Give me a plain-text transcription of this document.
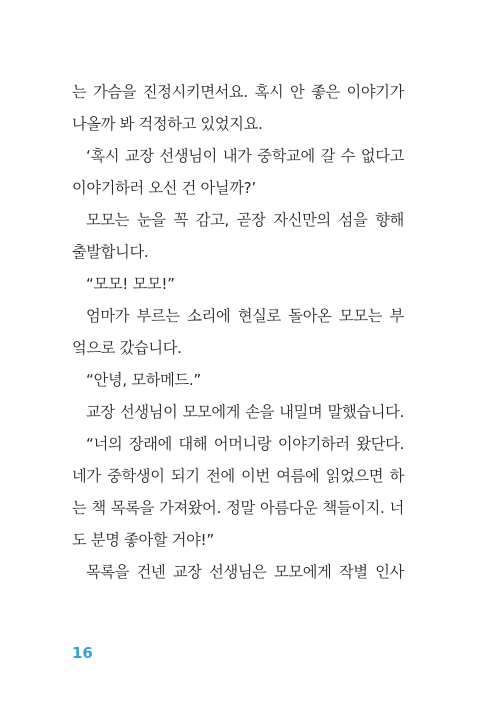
는 가슴을 진정시키면서요. 혹시 안 좋은 이야기가
나올까 봐 걱정하고 있었지요.
‘혹시 교장 선생님이 내가 중학교에 갈 수 없다고
이야기하러 오신 건 아닐까?’
모모는 눈을 꼭 감고, 곧장 자신만의 섬을 향해
출발합니다.
“모모! 모모!”
엄마가 부르는 소리에 현실로 돌아온 모모는 부
엌으로 갔습니다.
“안녕, 모하메드.”
교장 선생님이 모모에게 손을 내밀며 말했습니다.
“너의 장래에 대해 어머니랑 이야기하러 왔단다.
네가 중학생이 되기 전에 이번 여름에 읽었으면 하
는 책 목록을 가져왔어. 정말 아름다운 책들이지. 너
도 분명 좋아할 거야!”
목록을 건넨 교장 선생님은 모모에게 작별 인사
16
